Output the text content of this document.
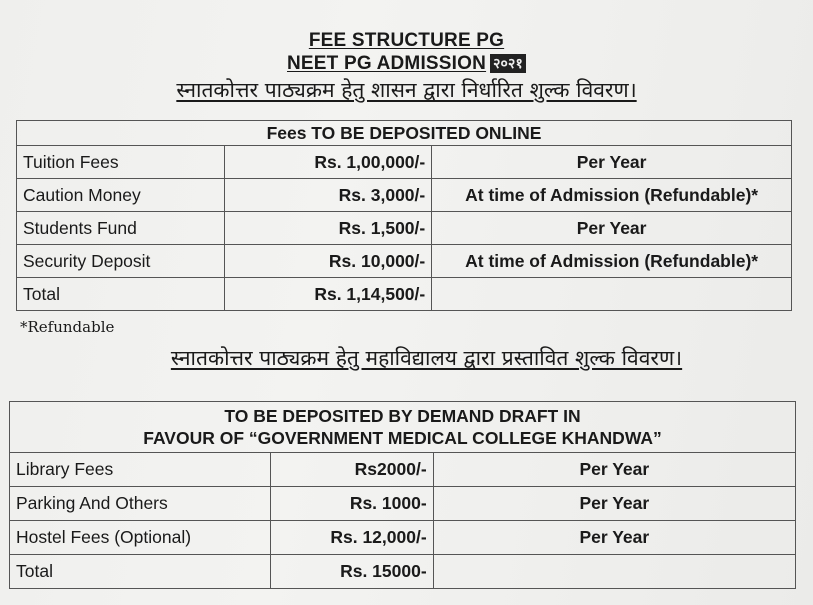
FEE STRUCTURE PG
NEET PG ADMISSION २०२१
स्नातकोत्तर पाठ्यक्रम हेतु शासन द्वारा निर्धारित शुल्क विवरण।
Fees TO BE DEPOSITED ONLINE		
Tuition Fees	Rs. 1,00,000/-	Per Year
Caution Money	Rs. 3,000/-	At time of Admission (Refundable)*
Students Fund	Rs. 1,500/-	Per Year
Security Deposit	Rs. 10,000/-	At time of Admission (Refundable)*
Total	Rs. 1,14,500/-	
*Refundable
स्नातकोत्तर पाठ्यक्रम हेतु महाविद्यालय द्वारा प्रस्तावित शुल्क विवरण।
TO BE DEPOSITED BY DEMAND DRAFT IN
FAVOUR OF “GOVERNMENT MEDICAL COLLEGE KHANDWA”		

Library Fees	Rs2000/-	Per Year
Parking And Others	Rs. 1000-	Per Year
Hostel Fees (Optional)	Rs. 12,000/-	Per Year
Total	Rs. 15000-	
